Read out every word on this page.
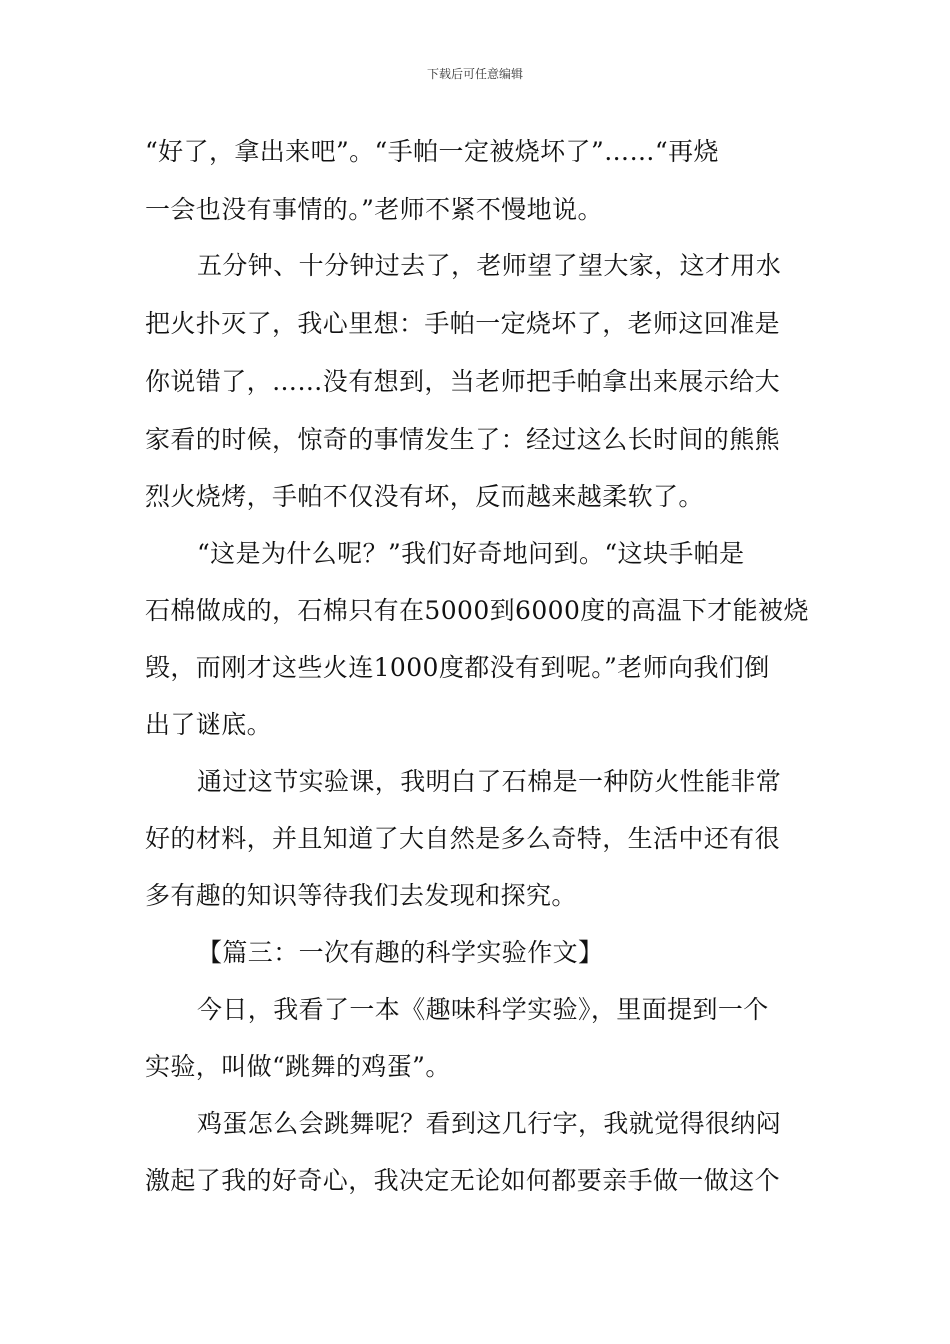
下载后可任意编辑
“好了，拿出来吧”。“手帕一定被烧坏了”……“再烧
一会也没有事情的。”老师不紧不慢地说。
五分钟、十分钟过去了，老师望了望大家，这才用水
把火扑灭了，我心里想：手帕一定烧坏了，老师这回准是
你说错了，……没有想到，当老师把手帕拿出来展示给大
家看的时候，惊奇的事情发生了：经过这么长时间的熊熊
烈火烧烤，手帕不仅没有坏，反而越来越柔软了。
“这是为什么呢？”我们好奇地问到。“这块手帕是
石棉做成的，石棉只有在5000到6000度的高温下才能被烧
毁，而刚才这些火连1000度都没有到呢。”老师向我们倒
出了谜底。
通过这节实验课，我明白了石棉是一种防火性能非常
好的材料，并且知道了大自然是多么奇特，生活中还有很
多有趣的知识等待我们去发现和探究。
【篇三：一次有趣的科学实验作文】
今日，我看了一本《趣味科学实验》，里面提到一个
实验，叫做“跳舞的鸡蛋”。
鸡蛋怎么会跳舞呢？看到这几行字，我就觉得很纳闷
激起了我的好奇心，我决定无论如何都要亲手做一做这个
